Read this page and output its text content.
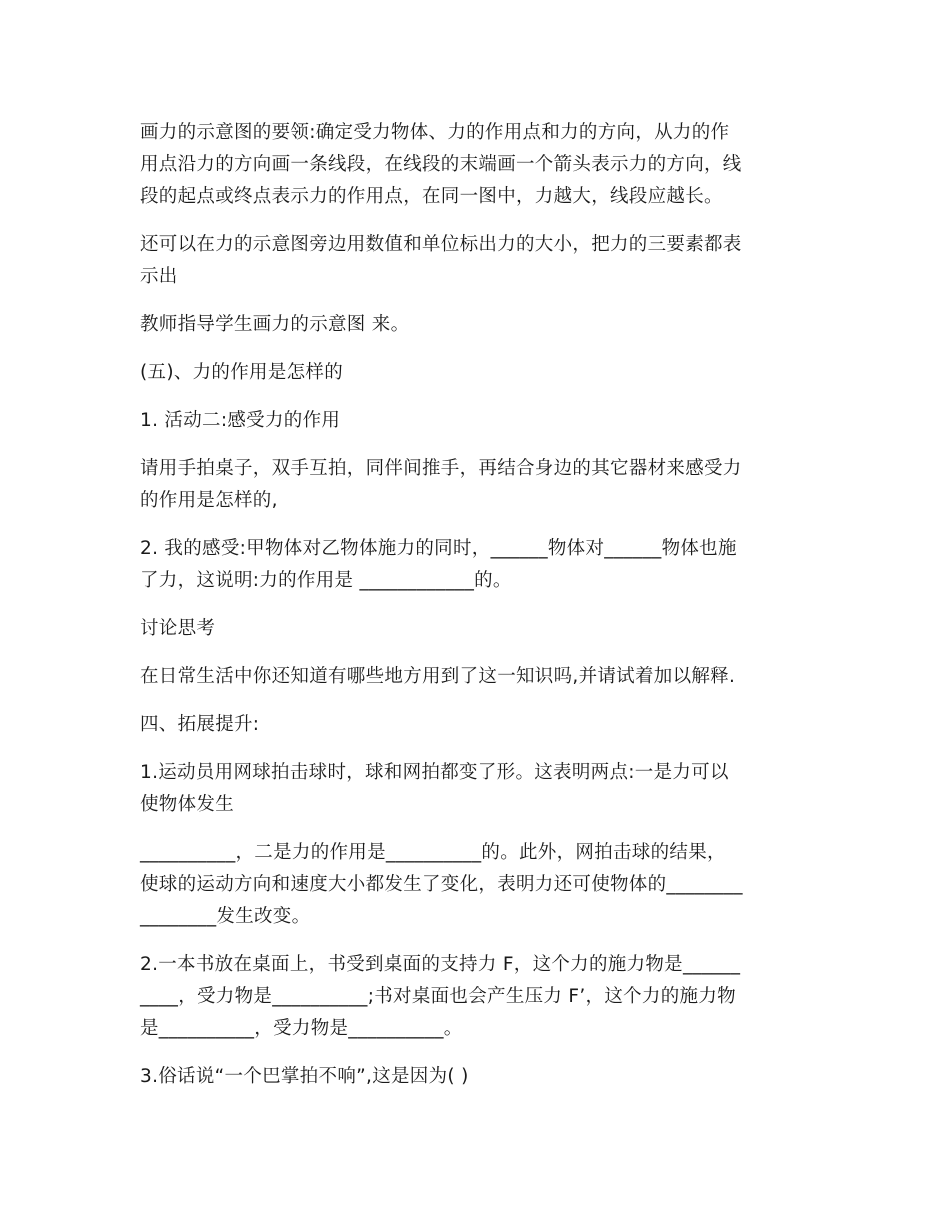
画力的示意图的要领:确定受力物体、力的作用点和力的方向，从力的作
用点沿力的方向画一条线段，在线段的末端画一个箭头表示力的方向，线
段的起点或终点表示力的作用点，在同一图中，力越大，线段应越长。

还可以在力的示意图旁边用数值和单位标出力的大小，把力的三要素都表
示出

教师指导学生画力的示意图 来。

(五)、力的作用是怎样的

1. 活动二:感受力的作用

请用手拍桌子，双手互拍，同伴间推手，再结合身边的其它器材来感受力
的作用是怎样的,

2. 我的感受:甲物体对乙物体施力的同时，______物体对______物体也施
了力，这说明:力的作用是 ____________的。

讨论思考

在日常生活中你还知道有哪些地方用到了这一知识吗,并请试着加以解释.

四、拓展提升:

1.运动员用网球拍击球时，球和网拍都变了形。这表明两点:一是力可以
使物体发生

__________，二是力的作用是__________的。此外，网拍击球的结果，
使球的运动方向和速度大小都发生了变化，表明力还可使物体的________
________发生改变。

2.一本书放在桌面上，书受到桌面的支持力 F，这个力的施力物是______
____，受力物是__________;书对桌面也会产生压力 F’，这个力的施力物
是__________，受力物是__________。

3.俗话说“一个巴掌拍不响”,这是因为( )
